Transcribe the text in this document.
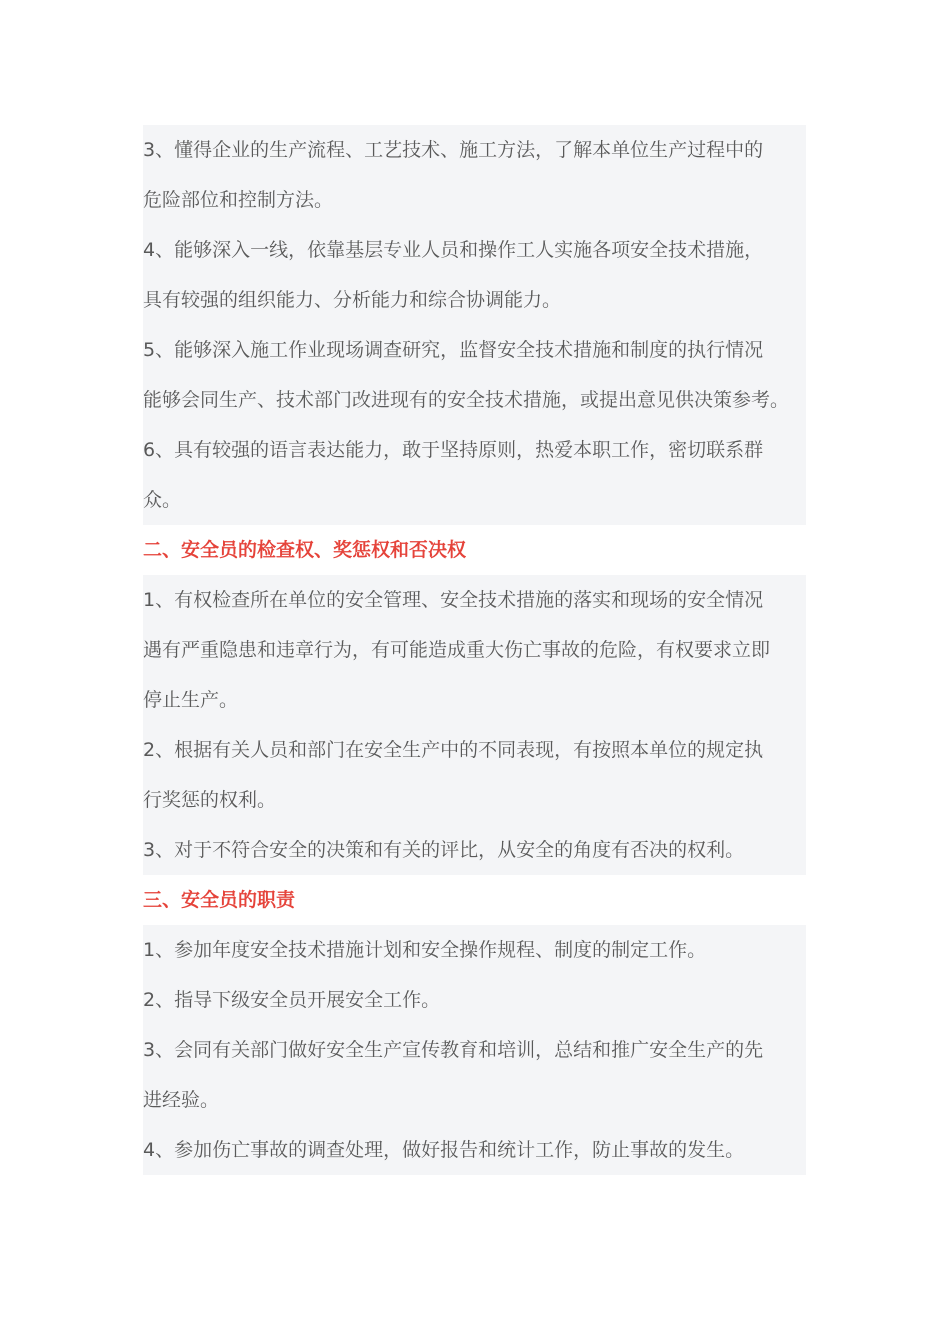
3、懂得企业的生产流程、工艺技术、施工方法，了解本单位生产过程中的
危险部位和控制方法。
4、能够深入一线，依靠基层专业人员和操作工人实施各项安全技术措施，
具有较强的组织能力、分析能力和综合协调能力。
5、能够深入施工作业现场调查研究，监督安全技术措施和制度的执行情况
能够会同生产、技术部门改进现有的安全技术措施，或提出意见供决策参考。
6、具有较强的语言表达能力，敢于坚持原则，热爱本职工作，密切联系群
众。
二、安全员的检查权、奖惩权和否决权
1、有权检查所在单位的安全管理、安全技术措施的落实和现场的安全情况
遇有严重隐患和违章行为，有可能造成重大伤亡事故的危险，有权要求立即
停止生产。
2、根据有关人员和部门在安全生产中的不同表现，有按照本单位的规定执
行奖惩的权利。
3、对于不符合安全的决策和有关的评比，从安全的角度有否决的权利。
三、安全员的职责
1、参加年度安全技术措施计划和安全操作规程、制度的制定工作。
2、指导下级安全员开展安全工作。
3、会同有关部门做好安全生产宣传教育和培训，总结和推广安全生产的先
进经验。
4、参加伤亡事故的调查处理，做好报告和统计工作，防止事故的发生。
